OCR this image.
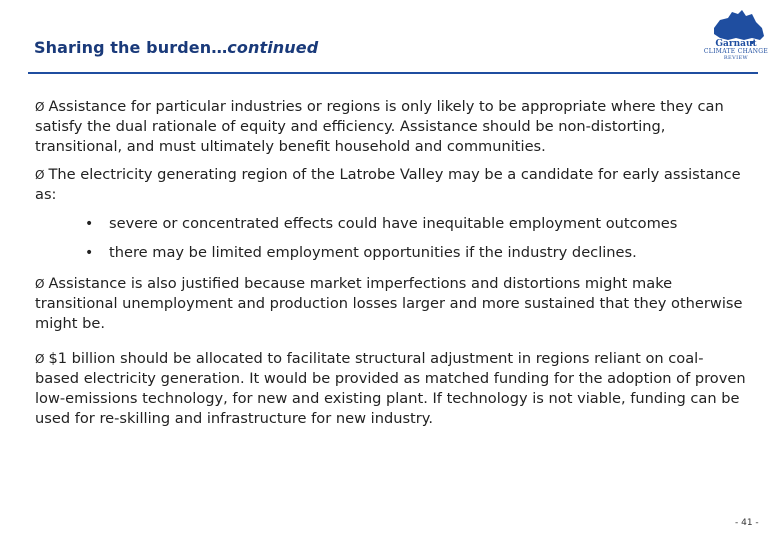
Sharing the burden…continued	Garnaut
CLIMATE CHANGE
REVIEW

Ø Assistance for particular industries or regions is only likely to be appropriate where they can satisfy the dual rationale of equity and efficiency. Assistance should be non-distorting, transitional, and must ultimately benefit household and communities.

Ø The electricity generating region of the Latrobe Valley may be a candidate for early assistance as:

•	severe or concentrated effects could have inequitable employment outcomes
•	there may be limited employment opportunities if the industry declines.

Ø Assistance is also justified because market imperfections and distortions might make transitional unemployment and production losses larger and more sustained that they otherwise might be.

Ø $1 billion should be allocated to facilitate structural adjustment in regions reliant on coal-based electricity generation. It would be provided as matched funding for the adoption of proven low-emissions technology, for new and existing plant. If technology is not viable, funding can be used for re-skilling and infrastructure for new industry.

- 41 -
